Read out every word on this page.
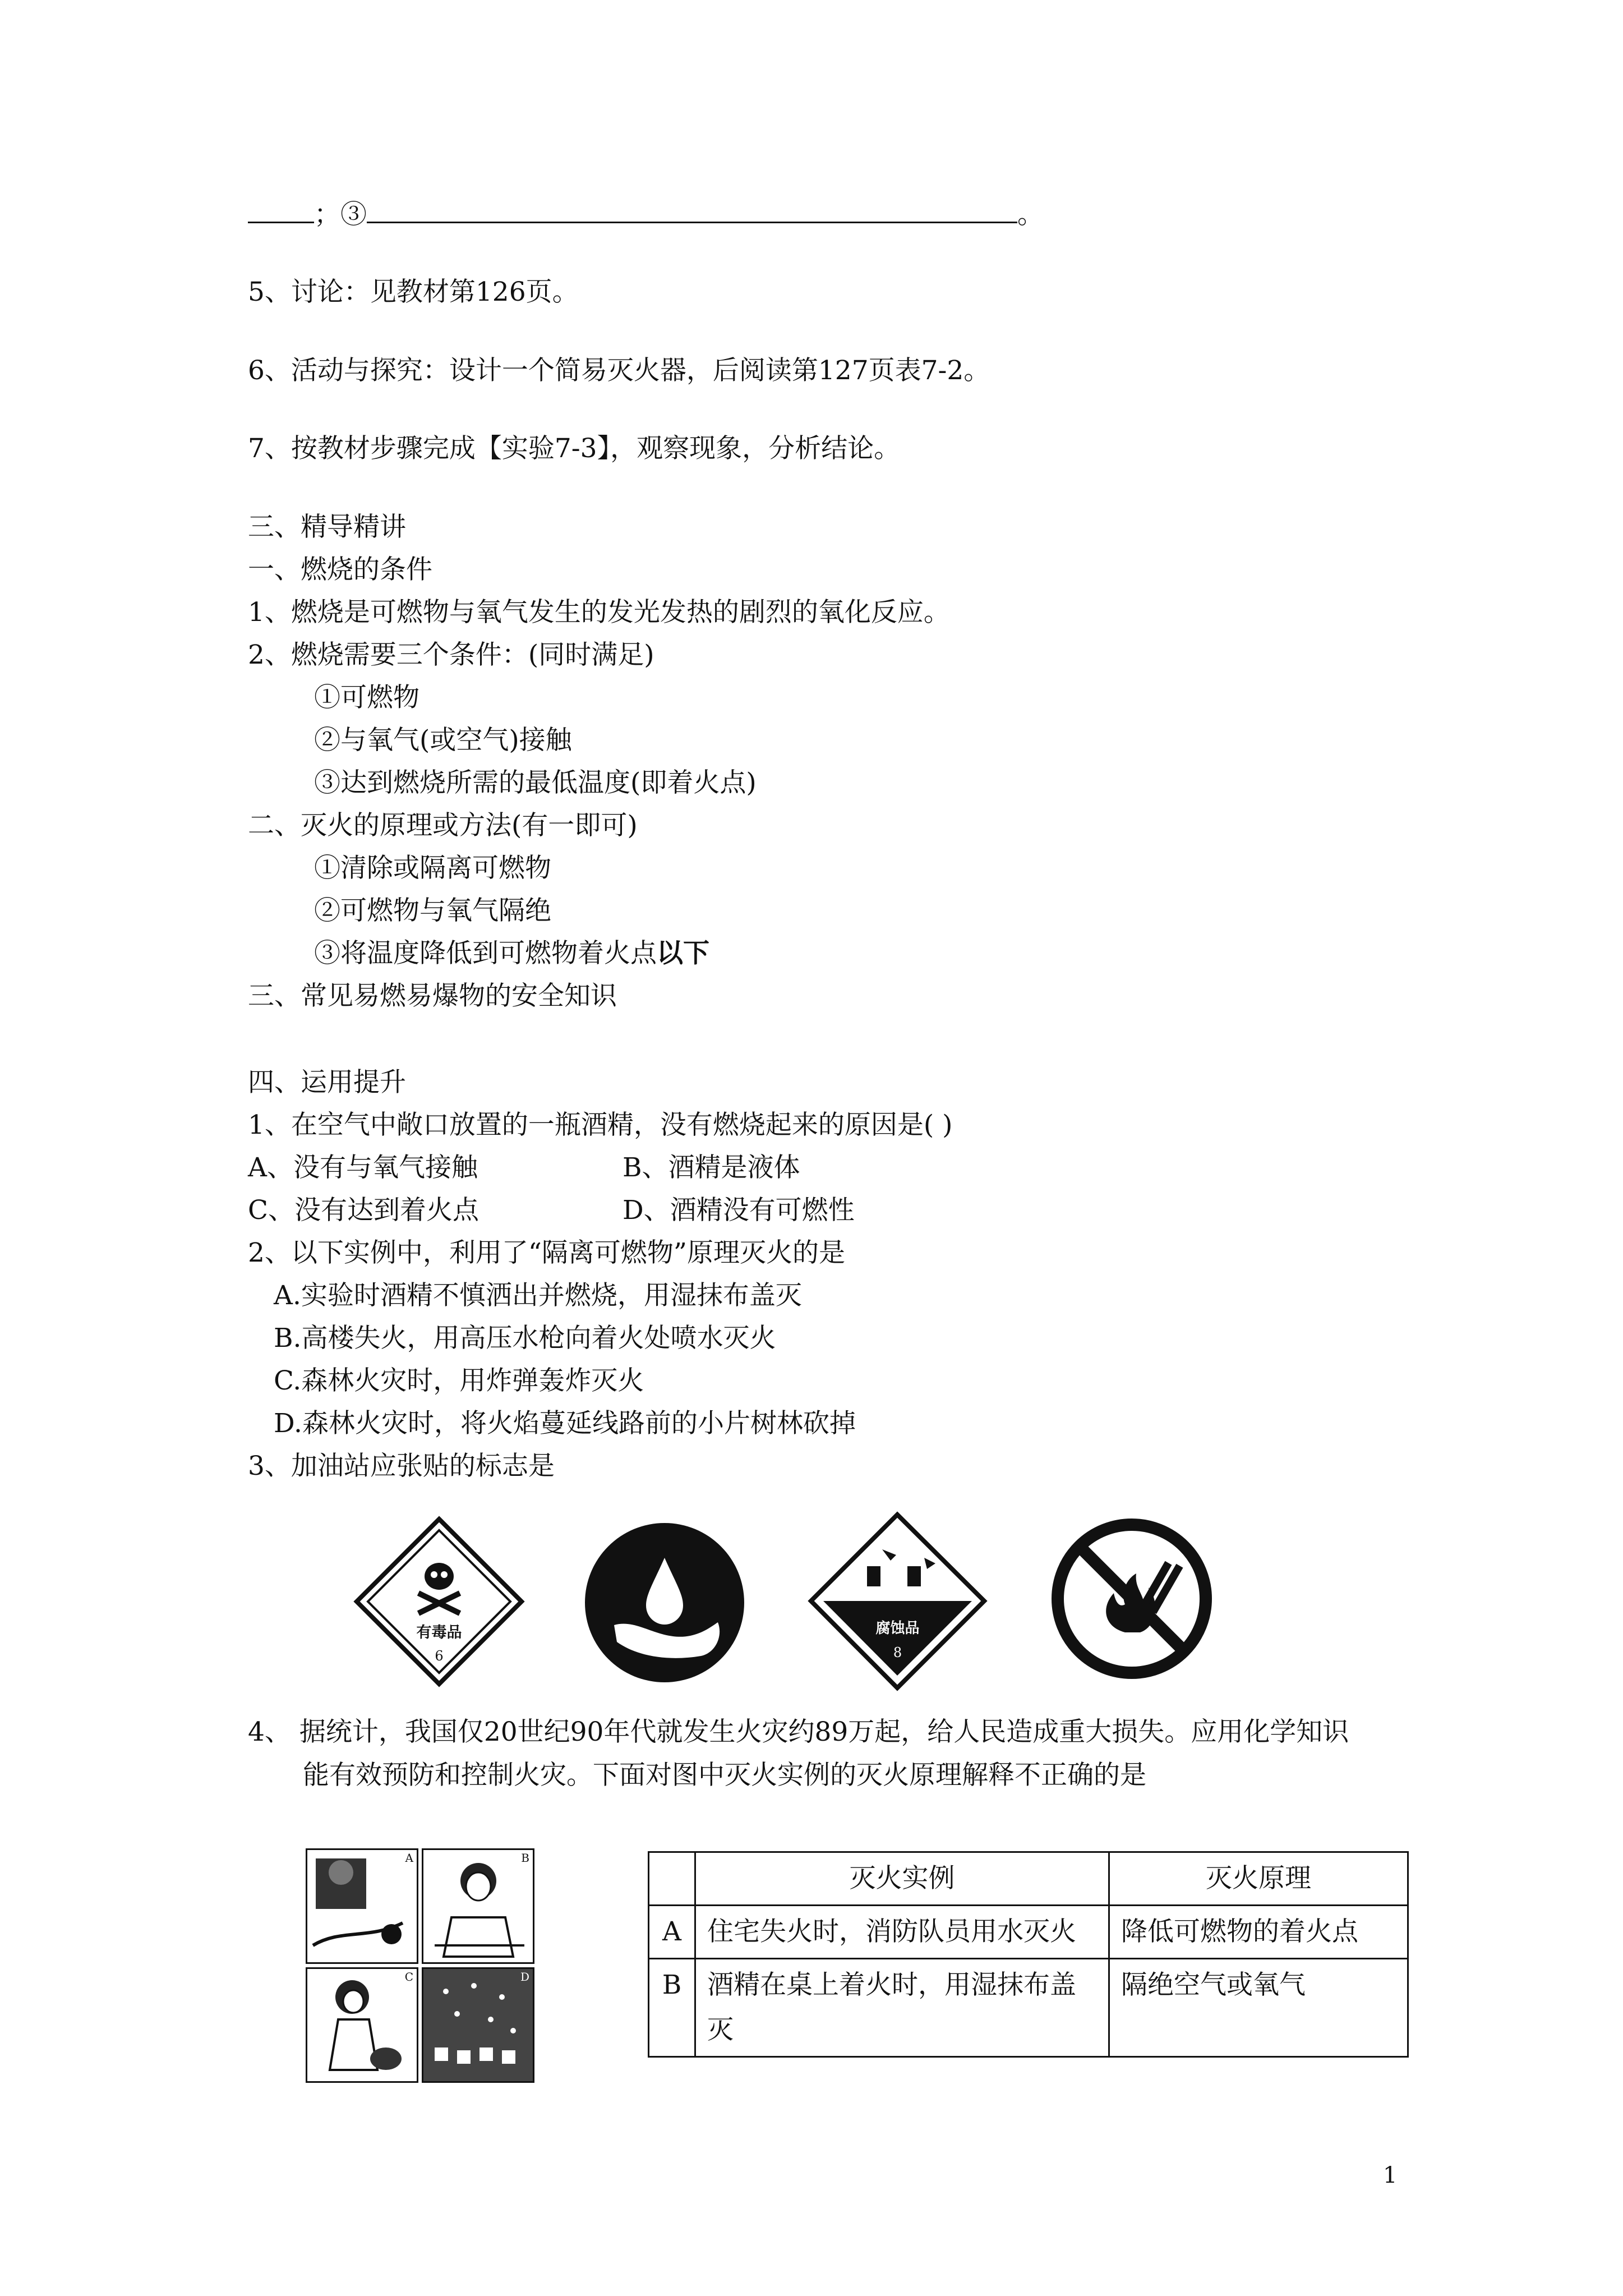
；③	。
5、讨论：见教材第126页。
6、活动与探究：设计一个简易灭火器，后阅读第127页表7-2。
7、按教材步骤完成【实验7-3】，观察现象，分析结论。
三、精导精讲
一、燃烧的条件
1、燃烧是可燃物与氧气发生的发光发热的剧烈的氧化反应。
2、燃烧需要三个条件：(同时满足)
①可燃物
②与氧气(或空气)接触
③达到燃烧所需的最低温度(即着火点)
二、灭火的原理或方法(有一即可)
①清除或隔离可燃物
②可燃物与氧气隔绝
③将温度降低到可燃物着火点以下
三、常见易燃易爆物的安全知识
四、运用提升
1、在空气中敞口放置的一瓶酒精，没有燃烧起来的原因是( )
A、没有与氧气接触	B、酒精是液体
C、没有达到着火点	D、酒精没有可燃性
2、以下实例中，利用了“隔离可燃物”原理灭火的是
A.实验时酒精不慎洒出并燃烧，用湿抹布盖灭
B.高楼失火，用高压水枪向着火处喷水灭火
C.森林火灾时，用炸弹轰炸灭火
D.森林火灾时，将火焰蔓延线路前的小片树林砍掉
3、加油站应张贴的标志是
有毒品
6
腐蚀品
8
4、 据统计，我国仅20世纪90年代就发生火灾约89万起，给人民造成重大损失。应用化学知识
能有效预防和控制火灾。下面对图中灭火实例的灭火原理解释不正确的是
A	B
C	D
	灭火实例	灭火原理
A	住宅失火时，消防队员用水灭火	降低可燃物的着火点
B	酒精在桌上着火时，用湿抹布盖灭	隔绝空气或氧气
1
